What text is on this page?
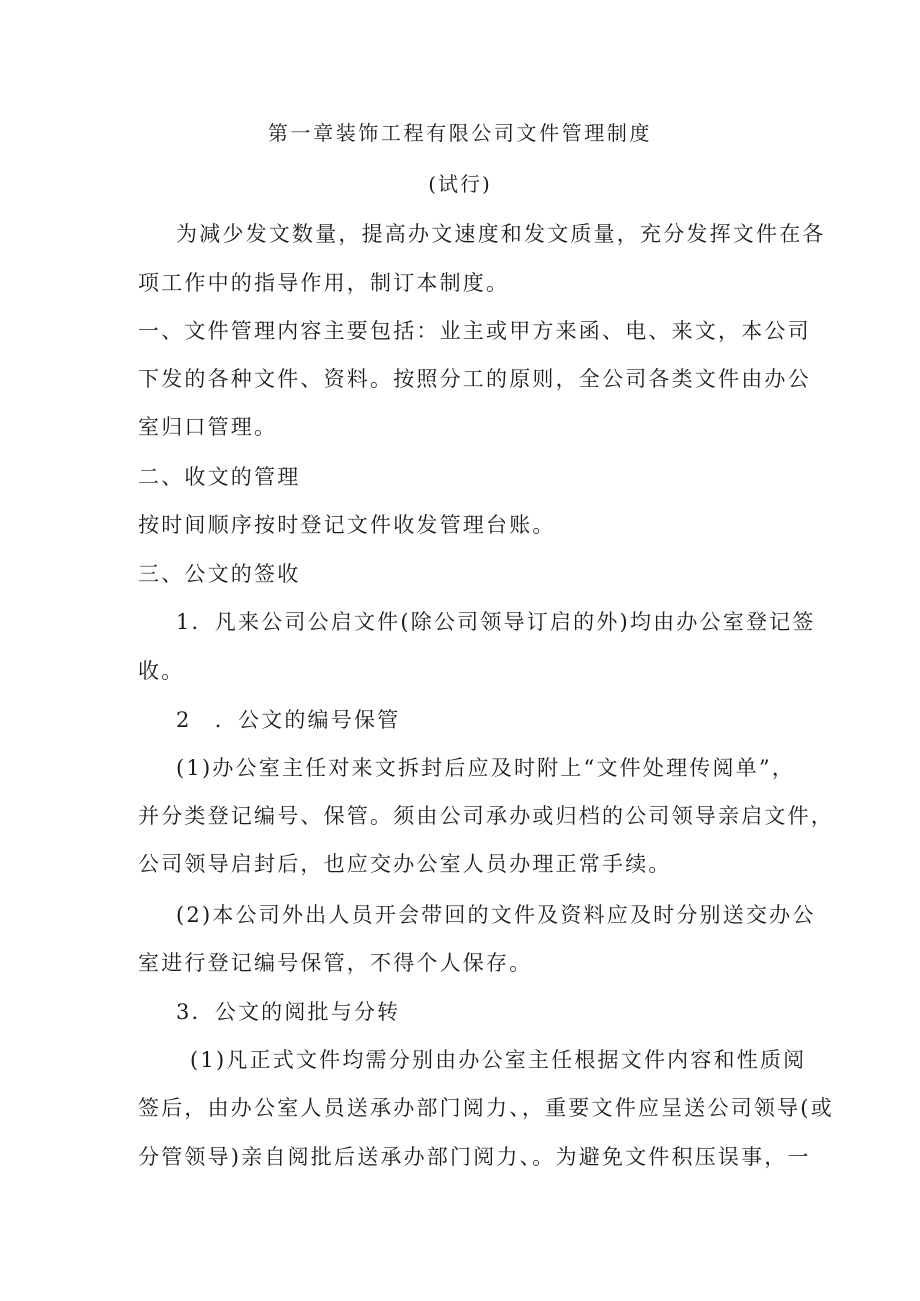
第一章装饰工程有限公司文件管理制度
(试行)
为减少发文数量，提高办文速度和发文质量，充分发挥文件在各
项工作中的指导作用，制订本制度。
一、文件管理内容主要包括：业主或甲方来函、电、来文，本公司
下发的各种文件、资料。按照分工的原则，全公司各类文件由办公
室归口管理。
二、收文的管理
按时间顺序按时登记文件收发管理台账。
三、公文的签收
1．凡来公司公启文件(除公司领导订启的外)均由办公室登记签
收。
2　．公文的编号保管
(1)办公室主任对来文拆封后应及时附上“文件处理传阅单”，
并分类登记编号、保管。须由公司承办或归档的公司领导亲启文件，
公司领导启封后，也应交办公室人员办理正常手续。
(2)本公司外出人员开会带回的文件及资料应及时分别送交办公
室进行登记编号保管，不得个人保存。
3．公文的阅批与分转
(1)凡正式文件均需分别由办公室主任根据文件内容和性质阅
签后，由办公室人员送承办部门阅力、，重要文件应呈送公司领导(或
分管领导)亲自阅批后送承办部门阅力、。为避免文件积压误事，一
